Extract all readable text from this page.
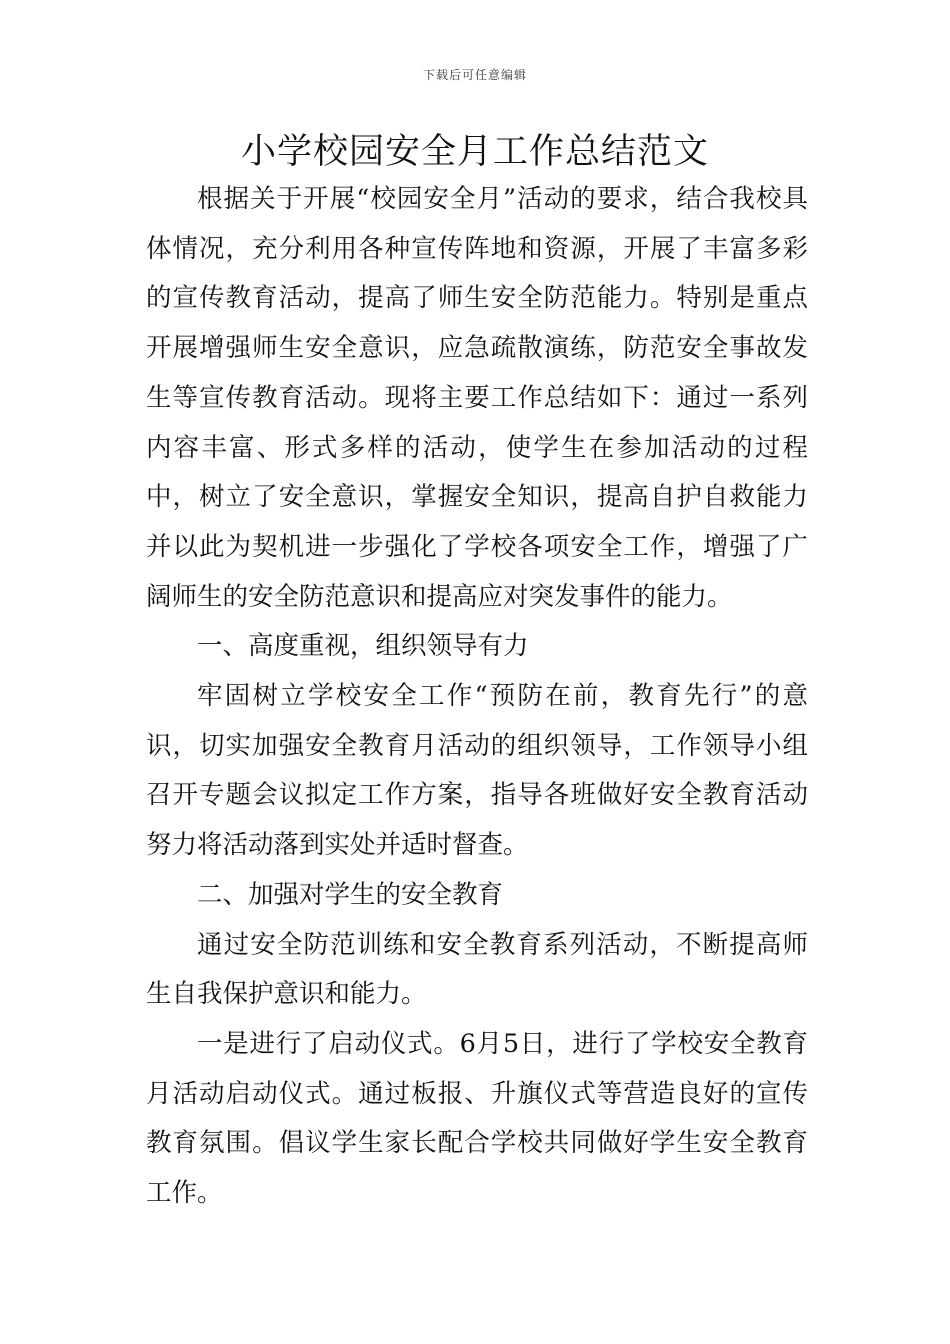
下载后可任意编辑
小学校园安全月工作总结范文

根据关于开展“校园安全月”活动的要求，结合我校具体情况，充分利用各种宣传阵地和资源，开展了丰富多彩的宣传教育活动，提高了师生安全防范能力。特别是重点开展增强师生安全意识，应急疏散演练，防范安全事故发生等宣传教育活动。现将主要工作总结如下：通过一系列内容丰富、形式多样的活动，使学生在参加活动的过程中，树立了安全意识，掌握安全知识，提高自护自救能力并以此为契机进一步强化了学校各项安全工作，增强了广阔师生的安全防范意识和提高应对突发事件的能力。

一、高度重视，组织领导有力

牢固树立学校安全工作“预防在前，教育先行”的意识，切实加强安全教育月活动的组织领导，工作领导小组召开专题会议拟定工作方案，指导各班做好安全教育活动努力将活动落到实处并适时督查。

二、加强对学生的安全教育

通过安全防范训练和安全教育系列活动，不断提高师生自我保护意识和能力。

一是进行了启动仪式。6月5日，进行了学校安全教育月活动启动仪式。通过板报、升旗仪式等营造良好的宣传教育氛围。倡议学生家长配合学校共同做好学生安全教育工作。
